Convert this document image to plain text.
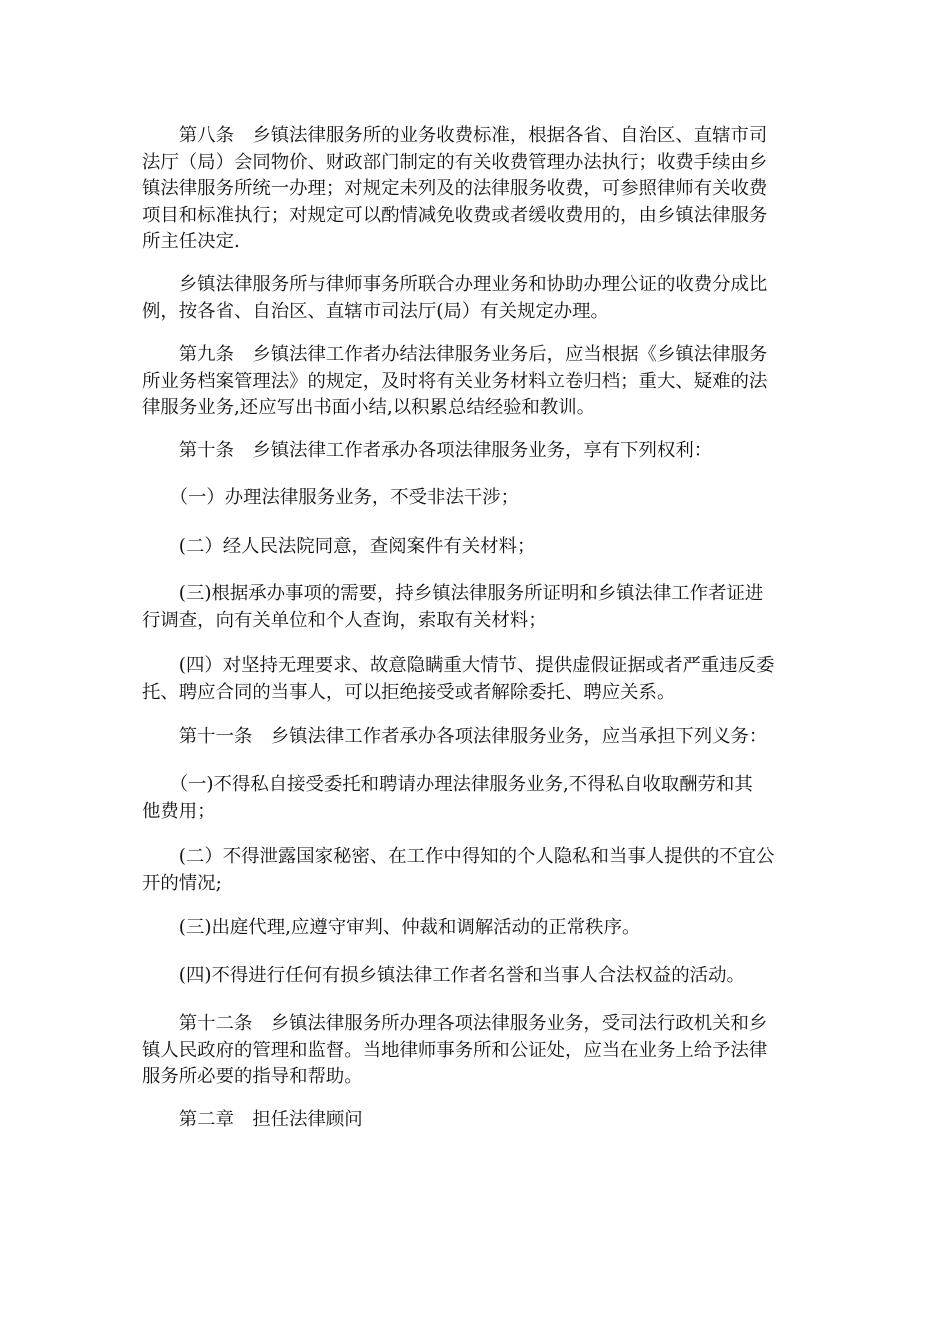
　　第八条　乡镇法律服务所的业务收费标准，根据各省、自治区、直辖市司
法厅（局）会同物价、财政部门制定的有关收费管理办法执行；收费手续由乡
镇法律服务所统一办理；对规定未列及的法律服务收费，可参照律师有关收费
项目和标准执行；对规定可以酌情减免收费或者缓收费用的，由乡镇法律服务
所主任决定.

　　乡镇法律服务所与律师事务所联合办理业务和协助办理公证的收费分成比
例，按各省、自治区、直辖市司法厅(局）有关规定办理。

　　第九条　乡镇法律工作者办结法律服务业务后，应当根据《乡镇法律服务
所业务档案管理法》的规定，及时将有关业务材料立卷归档；重大、疑难的法
律服务业务,还应写出书面小结,以积累总结经验和教训。

　　第十条　乡镇法律工作者承办各项法律服务业务，享有下列权利：

　　（一）办理法律服务业务，不受非法干涉；

　　(二）经人民法院同意，查阅案件有关材料；

　　(三)根据承办事项的需要，持乡镇法律服务所证明和乡镇法律工作者证进
行调查，向有关单位和个人查询，索取有关材料；

　　(四）对坚持无理要求、故意隐瞒重大情节、提供虚假证据或者严重违反委
托、聘应合同的当事人，可以拒绝接受或者解除委托、聘应关系。

　　第十一条　乡镇法律工作者承办各项法律服务业务，应当承担下列义务：

　　（一)不得私自接受委托和聘请办理法律服务业务,不得私自收取酬劳和其
他费用；

　　(二）不得泄露国家秘密、在工作中得知的个人隐私和当事人提供的不宜公
开的情况;

　　(三)出庭代理,应遵守审判、仲裁和调解活动的正常秩序。

　　(四)不得进行任何有损乡镇法律工作者名誉和当事人合法权益的活动。

　　第十二条　乡镇法律服务所办理各项法律服务业务，受司法行政机关和乡
镇人民政府的管理和监督。当地律师事务所和公证处，应当在业务上给予法律
服务所必要的指导和帮助。

　　第二章　担任法律顾问
